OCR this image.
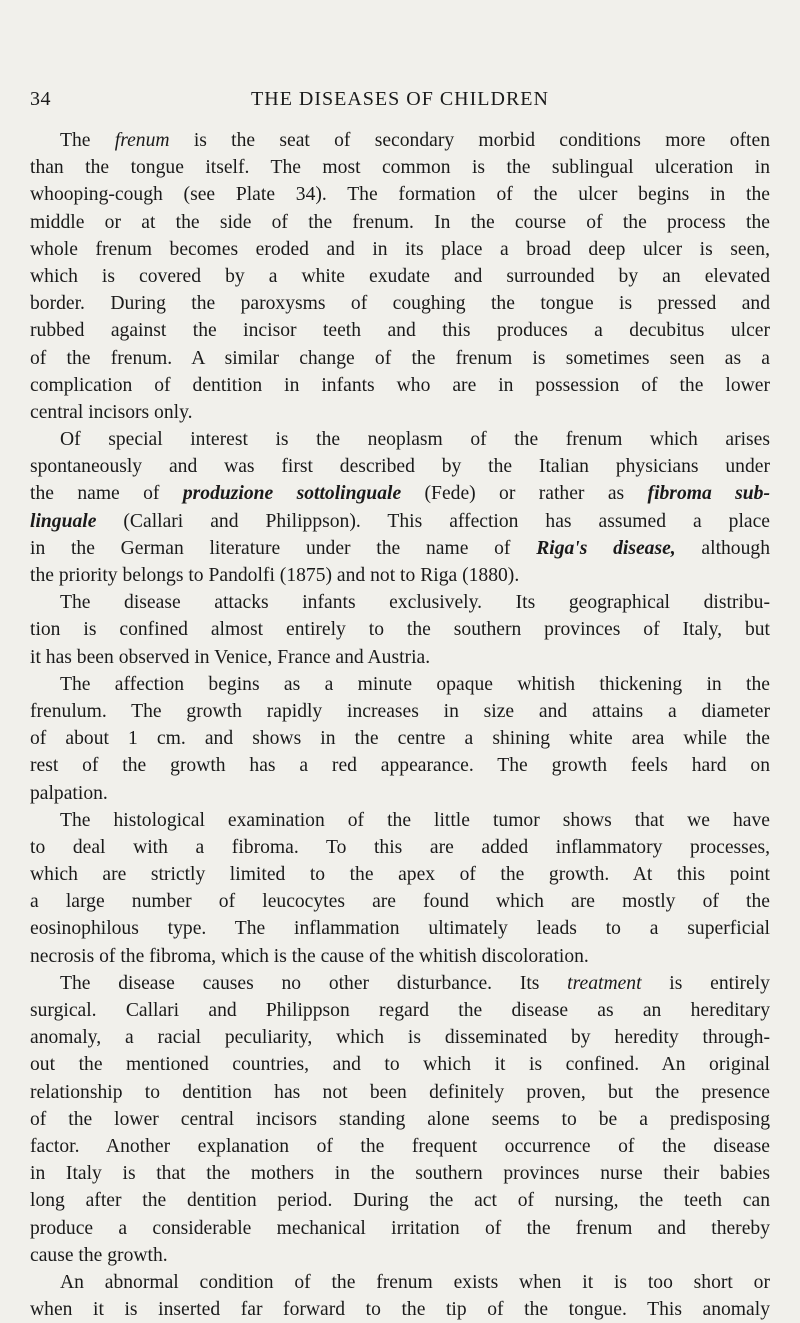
34	THE DISEASES OF CHILDREN
The frenum is the seat of secondary morbid conditions more often
than the tongue itself. The most common is the sublingual ulceration in
whooping-cough (see Plate 34). The formation of the ulcer begins in the
middle or at the side of the frenum. In the course of the process the
whole frenum becomes eroded and in its place a broad deep ulcer is seen,
which is covered by a white exudate and surrounded by an elevated
border. During the paroxysms of coughing the tongue is pressed and
rubbed against the incisor teeth and this produces a decubitus ulcer
of the frenum. A similar change of the frenum is sometimes seen as a
complication of dentition in infants who are in possession of the lower
central incisors only.
Of special interest is the neoplasm of the frenum which arises
spontaneously and was first described by the Italian physicians under
the name of produzione sottolinguale (Fede) or rather as fibroma sub-
linguale (Callari and Philippson). This affection has assumed a place
in the German literature under the name of Riga's disease, although
the priority belongs to Pandolfi (1875) and not to Riga (1880).
The disease attacks infants exclusively. Its geographical distribu-
tion is confined almost entirely to the southern provinces of Italy, but
it has been observed in Venice, France and Austria.
The affection begins as a minute opaque whitish thickening in the
frenulum. The growth rapidly increases in size and attains a diameter
of about 1 cm. and shows in the centre a shining white area while the
rest of the growth has a red appearance. The growth feels hard on
palpation.
The histological examination of the little tumor shows that we have
to deal with a fibroma. To this are added inflammatory processes,
which are strictly limited to the apex of the growth. At this point
a large number of leucocytes are found which are mostly of the
eosinophilous type. The inflammation ultimately leads to a superficial
necrosis of the fibroma, which is the cause of the whitish discoloration.
The disease causes no other disturbance. Its treatment is entirely
surgical. Callari and Philippson regard the disease as an hereditary
anomaly, a racial peculiarity, which is disseminated by heredity through-
out the mentioned countries, and to which it is confined. An original
relationship to dentition has not been definitely proven, but the presence
of the lower central incisors standing alone seems to be a predisposing
factor. Another explanation of the frequent occurrence of the disease
in Italy is that the mothers in the southern provinces nurse their babies
long after the dentition period. During the act of nursing, the teeth can
produce a considerable mechanical irritation of the frenum and thereby
cause the growth.
An abnormal condition of the frenum exists when it is too short or
when it is inserted far forward to the tip of the tongue. This anomaly
